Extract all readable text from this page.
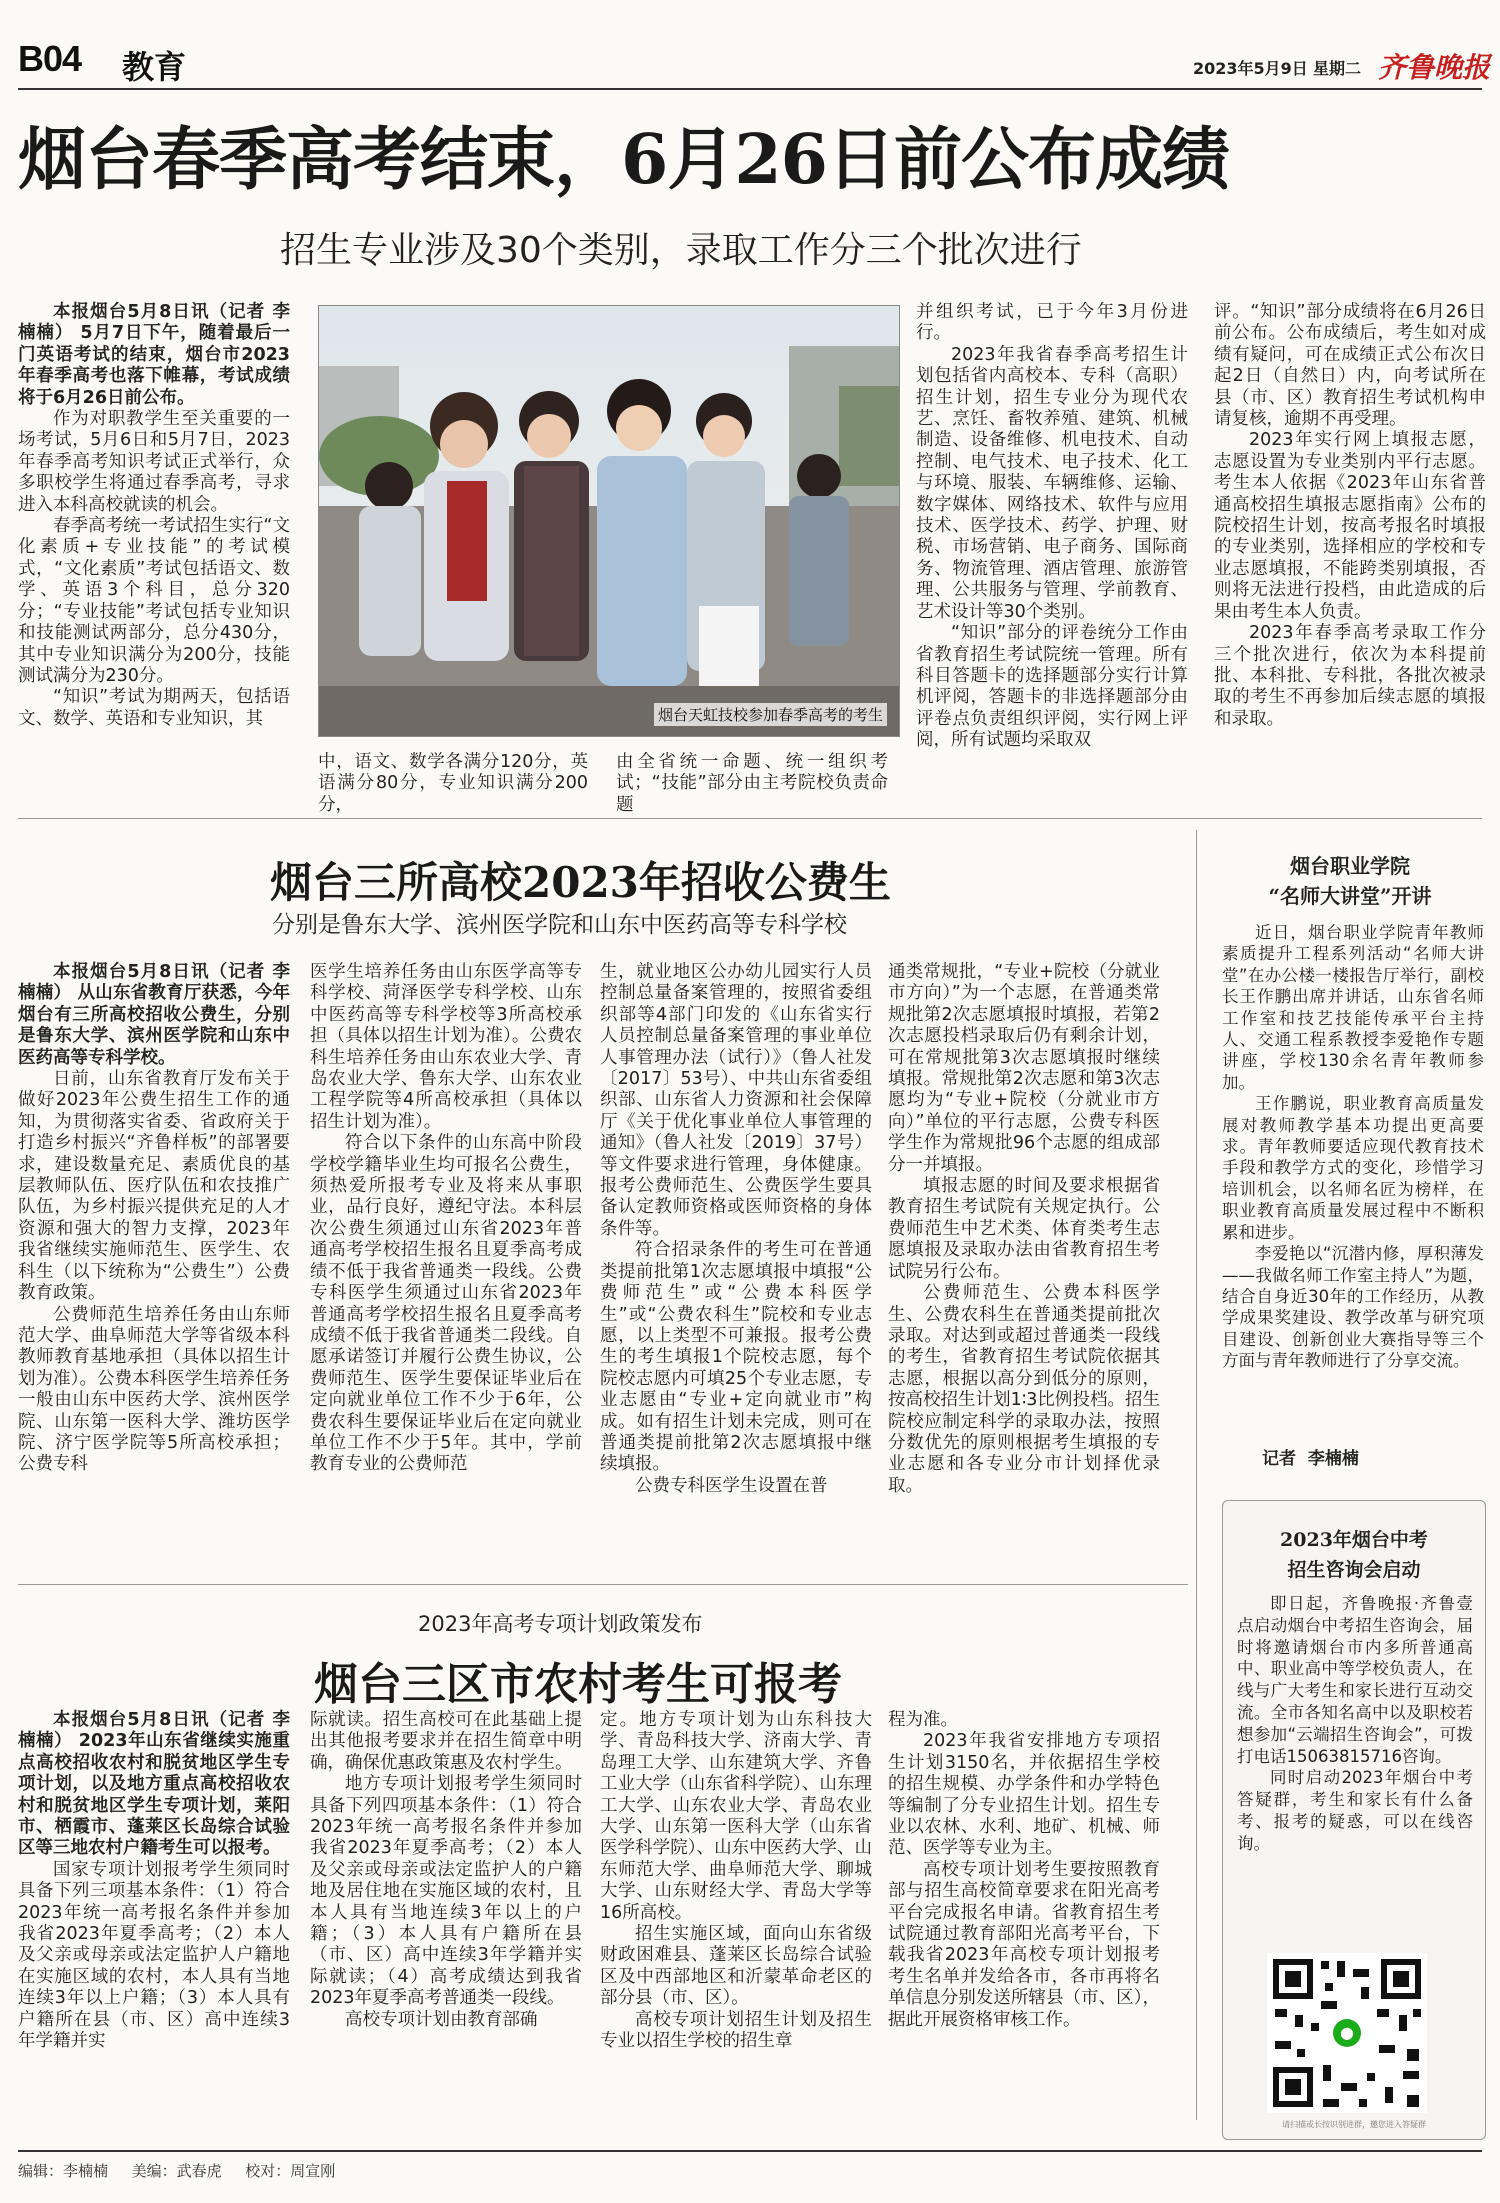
B04 教育	2023年5月9日 星期二 齐鲁晚报
烟台春季高考结束，6月26日前公布成绩
招生专业涉及30个类别，录取工作分三个批次进行

本报烟台5月8日讯（记者 李楠楠） 5月7日下午，随着最后一门英语考试的结束，烟台市2023年春季高考也落下帷幕，考试成绩将于6月26日前公布。

作为对职教学生至关重要的一场考试，5月6日和5月7日，2023年春季高考知识考试正式举行，众多职校学生将通过春季高考，寻求进入本科高校就读的机会。

春季高考统一考试招生实行“文化素质+专业技能”的考试模式，“文化素质”考试包括语文、数学、英语3个科目，总分320分；“专业技能”考试包括专业知识和技能测试两部分，总分430分，其中专业知识满分为200分，技能测试满分为230分。

“知识”考试为期两天，包括语文、数学、英语和专业知识，其	烟台天虹技校参加春季高考的考生

中，语文、数学各满分120分，英语满分80分，专业知识满分200分，

由全省统一命题、统一组织考试；“技能”部分由主考院校负责命题

并组织考试，已于今年3月份进行。

2023年我省春季高考招生计划包括省内高校本、专科（高职）招生计划，招生专业分为现代农艺、烹饪、畜牧养殖、建筑、机械制造、设备维修、机电技术、自动控制、电气技术、电子技术、化工与环境、服装、车辆维修、运输、数字媒体、网络技术、软件与应用技术、医学技术、药学、护理、财税、市场营销、电子商务、国际商务、物流管理、酒店管理、旅游管理、公共服务与管理、学前教育、艺术设计等30个类别。

“知识”部分的评卷统分工作由省教育招生考试院统一管理。所有科目答题卡的选择题部分实行计算机评阅，答题卡的非选择题部分由评卷点负责组织评阅，实行网上评阅，所有试题均采取双

评。“知识”部分成绩将在6月26日前公布。公布成绩后，考生如对成绩有疑问，可在成绩正式公布次日起2日（自然日）内，向考试所在县（市、区）教育招生考试机构申请复核，逾期不再受理。

2023年实行网上填报志愿，志愿设置为专业类别内平行志愿。考生本人依据《2023年山东省普通高校招生填报志愿指南》公布的院校招生计划，按高考报名时填报的专业类别，选择相应的学校和专业志愿填报，不能跨类别填报，否则将无法进行投档，由此造成的后果由考生本人负责。

2023年春季高考录取工作分三个批次进行，依次为本科提前批、本科批、专科批，各批次被录取的考生不再参加后续志愿的填报和录取。

烟台三所高校2023年招收公费生
分别是鲁东大学、滨州医学院和山东中医药高等专科学校

本报烟台5月8日讯（记者 李楠楠） 从山东省教育厅获悉，今年烟台有三所高校招收公费生，分别是鲁东大学、滨州医学院和山东中医药高等专科学校。

日前，山东省教育厅发布关于做好2023年公费生招生工作的通知，为贯彻落实省委、省政府关于打造乡村振兴“齐鲁样板”的部署要求，建设数量充足、素质优良的基层教师队伍、医疗队伍和农技推广队伍，为乡村振兴提供充足的人才资源和强大的智力支撑，2023年我省继续实施师范生、医学生、农科生（以下统称为“公费生”）公费教育政策。

公费师范生培养任务由山东师范大学、曲阜师范大学等省级本科教师教育基地承担（具体以招生计划为准）。公费本科医学生培养任务一般由山东中医药大学、滨州医学院、山东第一医科大学、潍坊医学院、济宁医学院等5所高校承担；公费专科

医学生培养任务由山东医学高等专科学校、菏泽医学专科学校、山东中医药高等专科学校等3所高校承担（具体以招生计划为准）。公费农科生培养任务由山东农业大学、青岛农业大学、鲁东大学、山东农业工程学院等4所高校承担（具体以招生计划为准）。

符合以下条件的山东高中阶段学校学籍毕业生均可报名公费生，须热爱所报考专业及将来从事职业，品行良好，遵纪守法。本科层次公费生须通过山东省2023年普通高考学校招生报名且夏季高考成绩不低于我省普通类一段线。公费专科医学生须通过山东省2023年普通高考学校招生报名且夏季高考成绩不低于我省普通类二段线。自愿承诺签订并履行公费生协议，公费师范生、医学生要保证毕业后在定向就业单位工作不少于6年，公费农科生要保证毕业后在定向就业单位工作不少于5年。其中，学前教育专业的公费师范

生，就业地区公办幼儿园实行人员控制总量备案管理的，按照省委组织部等4部门印发的《山东省实行人员控制总量备案管理的事业单位人事管理办法（试行）》（鲁人社发〔2017〕53号）、中共山东省委组织部、山东省人力资源和社会保障厅《关于优化事业单位人事管理的通知》（鲁人社发〔2019〕37号）等文件要求进行管理，身体健康。报考公费师范生、公费医学生要具备认定教师资格或医师资格的身体条件等。

符合招录条件的考生可在普通类提前批第1次志愿填报中填报“公费师范生”或“公费本科医学生”或“公费农科生”院校和专业志愿，以上类型不可兼报。报考公费生的考生填报1个院校志愿，每个院校志愿内可填25个专业志愿，专业志愿由“专业+定向就业市”构成。如有招生计划未完成，则可在普通类提前批第2次志愿填报中继续填报。

公费专科医学生设置在普

通类常规批，“专业+院校（分就业市方向）”为一个志愿，在普通类常规批第2次志愿填报时填报，若第2次志愿投档录取后仍有剩余计划，可在常规批第3次志愿填报时继续填报。常规批第2次志愿和第3次志愿均为“专业+院校（分就业市方向）”单位的平行志愿，公费专科医学生作为常规批96个志愿的组成部分一并填报。

填报志愿的时间及要求根据省教育招生考试院有关规定执行。公费师范生中艺术类、体育类考生志愿填报及录取办法由省教育招生考试院另行公布。

公费师范生、公费本科医学生、公费农科生在普通类提前批次录取。对达到或超过普通类一段线的考生，省教育招生考试院依据其志愿，根据以高分到低分的原则，按高校招生计划1∶3比例投档。招生院校应制定科学的录取办法，按照分数优先的原则根据考生填报的专业志愿和各专业分市计划择优录取。

烟台职业学院
“名师大讲堂”开讲

近日，烟台职业学院青年教师素质提升工程系列活动“名师大讲堂”在办公楼一楼报告厅举行，副校长王作鹏出席并讲话，山东省名师工作室和技艺技能传承平台主持人、交通工程系教授李爱艳作专题讲座，学校130余名青年教师参加。

王作鹏说，职业教育高质量发展对教师教学基本功提出更高要求。青年教师要适应现代教育技术手段和教学方式的变化，珍惜学习培训机会，以名师名匠为榜样，在职业教育高质量发展过程中不断积累和进步。

李爱艳以“沉潜内修，厚积薄发——我做名师工作室主持人”为题，结合自身近30年的工作经历，从教学成果奖建设、教学改革与研究项目建设、创新创业大赛指导等三个方面与青年教师进行了分享交流。

记者  李楠楠
2023年烟台中考
招生咨询会启动

即日起，齐鲁晚报·齐鲁壹点启动烟台中考招生咨询会，届时将邀请烟台市内多所普通高中、职业高中等学校负责人，在线与广大考生和家长进行互动交流。全市各知名高中以及职校若想参加“云端招生咨询会”，可拨打电话15063815716咨询。

同时启动2023年烟台中考答疑群，考生和家长有什么备考、报考的疑惑，可以在线咨询。

●
请扫描或长按识别进群，邀您进入答疑群
2023年高考专项计划政策发布
烟台三区市农村考生可报考

本报烟台5月8日讯（记者 李楠楠） 2023年山东省继续实施重点高校招收农村和脱贫地区学生专项计划，以及地方重点高校招收农村和脱贫地区学生专项计划，莱阳市、栖霞市、蓬莱区长岛综合试验区等三地农村户籍考生可以报考。

国家专项计划报考学生须同时具备下列三项基本条件：（1）符合2023年统一高考报名条件并参加我省2023年夏季高考；（2）本人及父亲或母亲或法定监护人户籍地在实施区域的农村，本人具有当地连续3年以上户籍；（3）本人具有户籍所在县（市、区）高中连续3年学籍并实

际就读。招生高校可在此基础上提出其他报考要求并在招生简章中明确，确保优惠政策惠及农村学生。

地方专项计划报考学生须同时具备下列四项基本条件：（1）符合2023年统一高考报名条件并参加我省2023年夏季高考；（2）本人及父亲或母亲或法定监护人的户籍地及居住地在实施区域的农村，且本人具有当地连续3年以上的户籍；（3）本人具有户籍所在县（市、区）高中连续3年学籍并实际就读；（4）高考成绩达到我省2023年夏季高考普通类一段线。

高校专项计划由教育部确

定。地方专项计划为山东科技大学、青岛科技大学、济南大学、青岛理工大学、山东建筑大学、齐鲁工业大学（山东省科学院）、山东理工大学、山东农业大学、青岛农业大学、山东第一医科大学（山东省医学科学院）、山东中医药大学、山东师范大学、曲阜师范大学、聊城大学、山东财经大学、青岛大学等16所高校。

招生实施区域，面向山东省级财政困难县、蓬莱区长岛综合试验区及中西部地区和沂蒙革命老区的部分县（市、区）。

高校专项计划招生计划及招生专业以招生学校的招生章

程为准。

2023年我省安排地方专项招生计划3150名，并依据招生学校的招生规模、办学条件和办学特色等编制了分专业招生计划。招生专业以农林、水利、地矿、机械、师范、医学等专业为主。

高校专项计划考生要按照教育部与招生高校简章要求在阳光高考平台完成报名申请。省教育招生考试院通过教育部阳光高考平台，下载我省2023年高校专项计划报考考生名单并发给各市，各市再将名单信息分别发送所辖县（市、区），据此开展资格审核工作。

编辑：李楠楠 美编：武春虎 校对：周宣刚
